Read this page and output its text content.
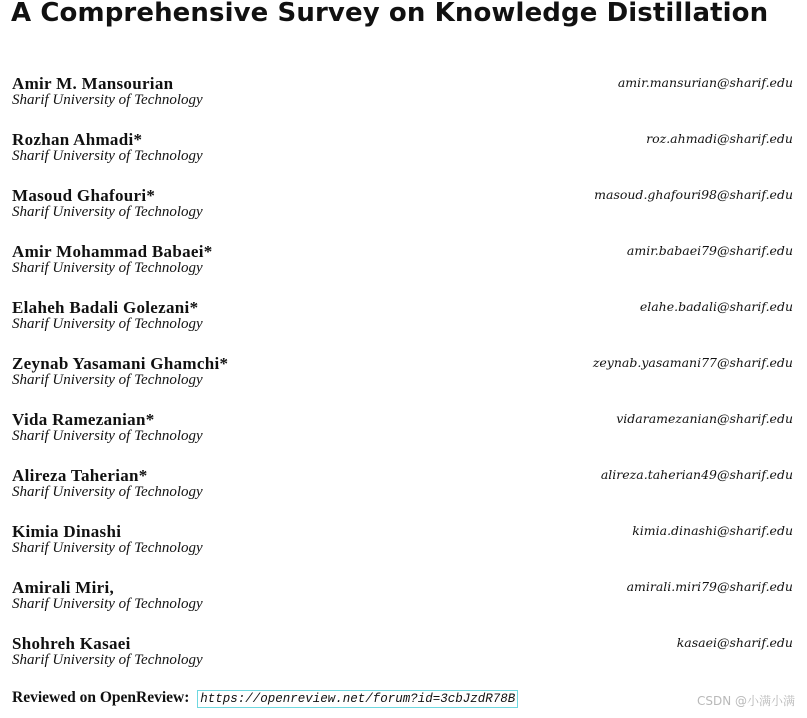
A Comprehensive Survey on Knowledge Distillation
Amir M. Mansourian
Sharif University of Technology
amir.mansurian@sharif.edu
Rozhan Ahmadi*
Sharif University of Technology
roz.ahmadi@sharif.edu
Masoud Ghafouri*
Sharif University of Technology
masoud.ghafouri98@sharif.edu
Amir Mohammad Babaei*
Sharif University of Technology
amir.babaei79@sharif.edu
Elaheh Badali Golezani*
Sharif University of Technology
elahe.badali@sharif.edu
Zeynab Yasamani Ghamchi*
Sharif University of Technology
zeynab.yasamani77@sharif.edu
Vida Ramezanian*
Sharif University of Technology
vidaramezanian@sharif.edu
Alireza Taherian*
Sharif University of Technology
alireza.taherian49@sharif.edu
Kimia Dinashi
Sharif University of Technology
kimia.dinashi@sharif.edu
Amirali Miri,
Sharif University of Technology
amirali.miri79@sharif.edu
Shohreh Kasaei
Sharif University of Technology
kasaei@sharif.edu
Reviewed on OpenReview: https://openreview.net/forum?id=3cbJzdR78B	CSDN @小满小满
